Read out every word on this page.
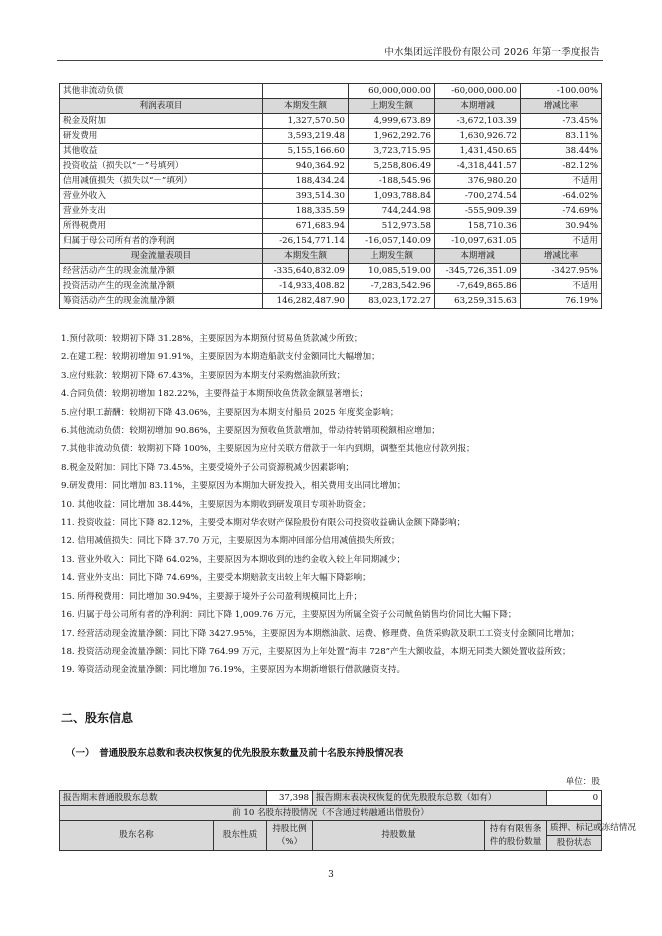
中水集团远洋股份有限公司 2026 年第一季度报告
其他非流动负债		60,000,000.00	-60,000,000.00	-100.00%
利润表项目	本期发生额	上期发生额	本期增减	增减比率
税金及附加	1,327,570.50	4,999,673.89	-3,672,103.39	-73.45%
研发费用	3,593,219.48	1,962,292.76	1,630,926.72	83.11%
其他收益	5,155,166.60	3,723,715.95	1,431,450.65	38.44%
投资收益（损失以“－”号填列）	940,364.92	5,258,806.49	-4,318,441.57	-82.12%
信用减值损失（损失以“－”填列）	188,434.24	-188,545.96	376,980.20	不适用
营业外收入	393,514.30	1,093,788.84	-700,274.54	-64.02%
营业外支出	188,335.59	744,244.98	-555,909.39	-74.69%
所得税费用	671,683.94	512,973.58	158,710.36	30.94%
归属于母公司所有者的净利润	-26,154,771.14	-16,057,140.09	-10,097,631.05	不适用
现金流量表项目	本期发生额	上期发生额	本期增减	增减比率
经营活动产生的现金流量净额	-335,640,832.09	10,085,519.00	-345,726,351.09	-3427.95%
投资活动产生的现金流量净额	-14,933,408.82	-7,283,542.96	-7,649,865.86	不适用
筹资活动产生的现金流量净额	146,282,487.90	83,023,172.27	63,259,315.63	76.19%
1.预付款项：较期初下降 31.28%，主要原因为本期预付贸易鱼货款减少所致；
2.在建工程：较期初增加 91.91%，主要原因为本期造船款支付金额同比大幅增加；
3.应付账款：较期初下降 67.43%，主要原因为本期支付采购燃油款所致；
4.合同负债：较期初增加 182.22%，主要得益于本期预收鱼货款金额显著增长；
5.应付职工薪酬：较期初下降 43.06%，主要原因为本期支付船员 2025 年度奖金影响；
6.其他流动负债：较期初增加 90.86%，主要原因为预收鱼货款增加，带动待转销项税额相应增加；
7.其他非流动负债：较期初下降 100%，主要原因为应付关联方借款于一年内到期，调整至其他应付款列报；
8.税金及附加：同比下降 73.45%，主要受境外子公司资源税减少因素影响；
9.研发费用：同比增加 83.11%，主要原因为本期加大研发投入，相关费用支出同比增加；
10. 其他收益：同比增加 38.44%，主要原因为本期收到研发项目专项补助资金；
11. 投资收益：同比下降 82.12%，主要受本期对华农财产保险股份有限公司投资收益确认金额下降影响；
12. 信用减值损失：同比下降 37.70 万元，主要原因为本期冲回部分信用减值损失所致；
13. 营业外收入：同比下降 64.02%，主要原因为本期收到的违约金收入较上年同期减少；
14. 营业外支出：同比下降 74.69%，主要受本期赔款支出较上年大幅下降影响；
15. 所得税费用：同比增加 30.94%，主要源于境外子公司盈利规模同比上升；
16. 归属于母公司所有者的净利润：同比下降 1,009.76 万元，主要原因为所属全资子公司鱿鱼销售均价同比大幅下降；
17. 经营活动现金流量净额：同比下降 3427.95%，主要原因为本期燃油款、运费、修理费、鱼货采购款及职工工资支付金额同比增加；
18. 投资活动现金流量净额：同比下降 764.99 万元，主要原因为上年处置“海丰 728”产生大额收益，本期无同类大额处置收益所致；
19. 筹资活动现金流量净额：同比增加 76.19%，主要原因为本期新增银行借款融资支持。
二、股东信息
（一）　普通股股东总数和表决权恢复的优先股股东数量及前十名股东持股情况表
单位：股
报告期末普通股股东总数		37,398	报告期末表决权恢复的优先股股东总数（如有）		0	
前 10 名股东持股情况（不含通过转融通出借股份）						
股东名称	股东性质	持股比例（%）	持股数量	持有有限售条件的股份数量	质押、标记或冻结情况	
					股份状态	
3
